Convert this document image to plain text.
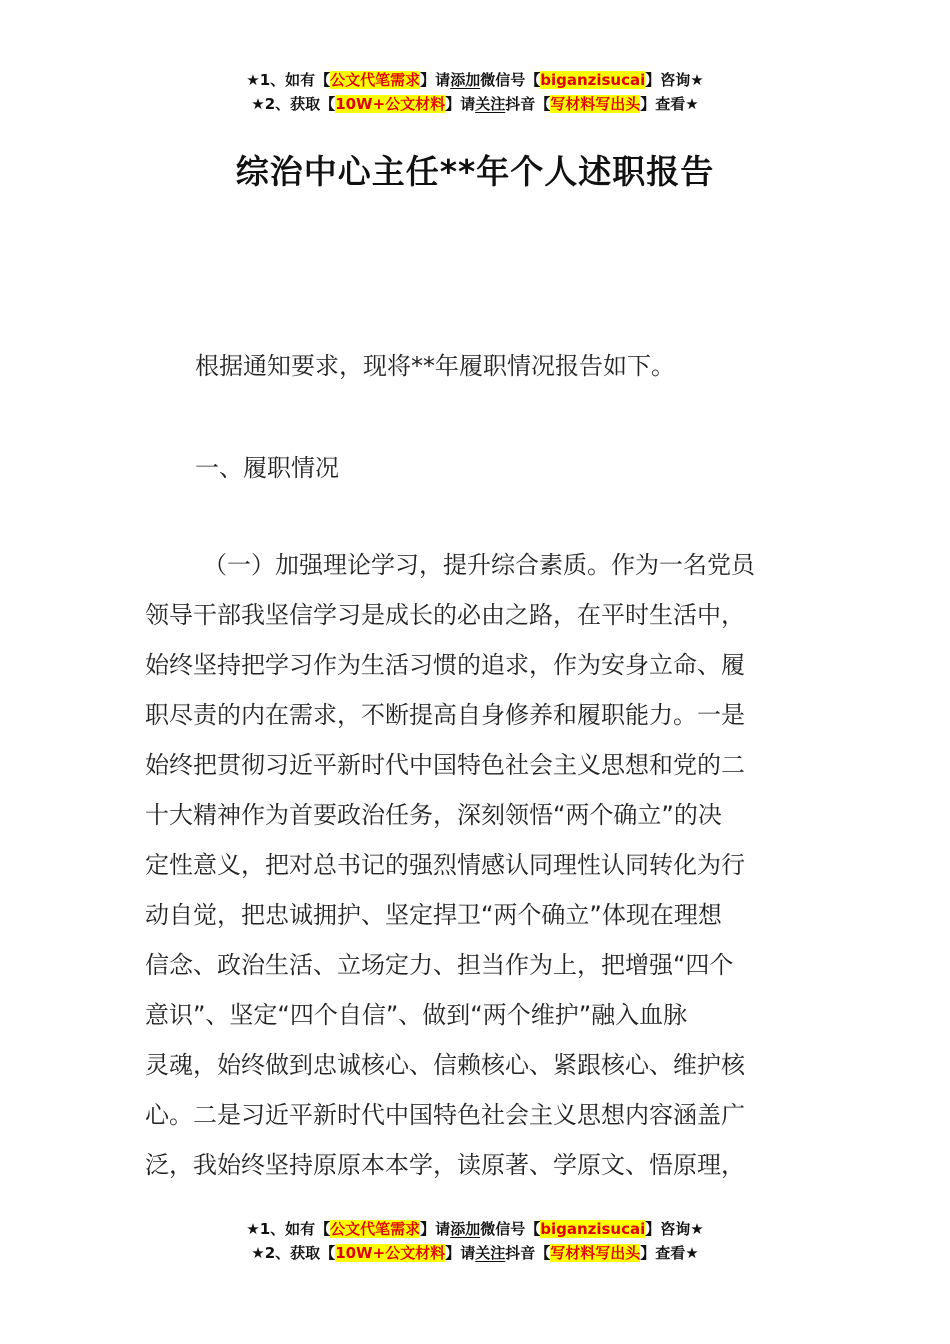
★1、如有【公文代笔需求】请添加微信号【biganzisucai】咨询★
★2、获取【10W+公文材料】请关注抖音【写材料写出头】查看★
综治中心主任**年个人述职报告
根据通知要求，现将**年履职情况报告如下。
一、履职情况
（一）加强理论学习，提升综合素质。作为一名党员
领导干部我坚信学习是成长的必由之路，在平时生活中，
始终坚持把学习作为生活习惯的追求，作为安身立命、履
职尽责的内在需求，不断提高自身修养和履职能力。一是
始终把贯彻习近平新时代中国特色社会主义思想和党的二
十大精神作为首要政治任务，深刻领悟“两个确立”的决
定性意义，把对总书记的强烈情感认同理性认同转化为行
动自觉，把忠诚拥护、坚定捍卫“两个确立”体现在理想
信念、政治生活、立场定力、担当作为上，把增强“四个
意识”、坚定“四个自信”、做到“两个维护”融入血脉
灵魂，始终做到忠诚核心、信赖核心、紧跟核心、维护核
心。二是习近平新时代中国特色社会主义思想内容涵盖广
泛，我始终坚持原原本本学，读原著、学原文、悟原理，
★1、如有【公文代笔需求】请添加微信号【biganzisucai】咨询★
★2、获取【10W+公文材料】请关注抖音【写材料写出头】查看★
